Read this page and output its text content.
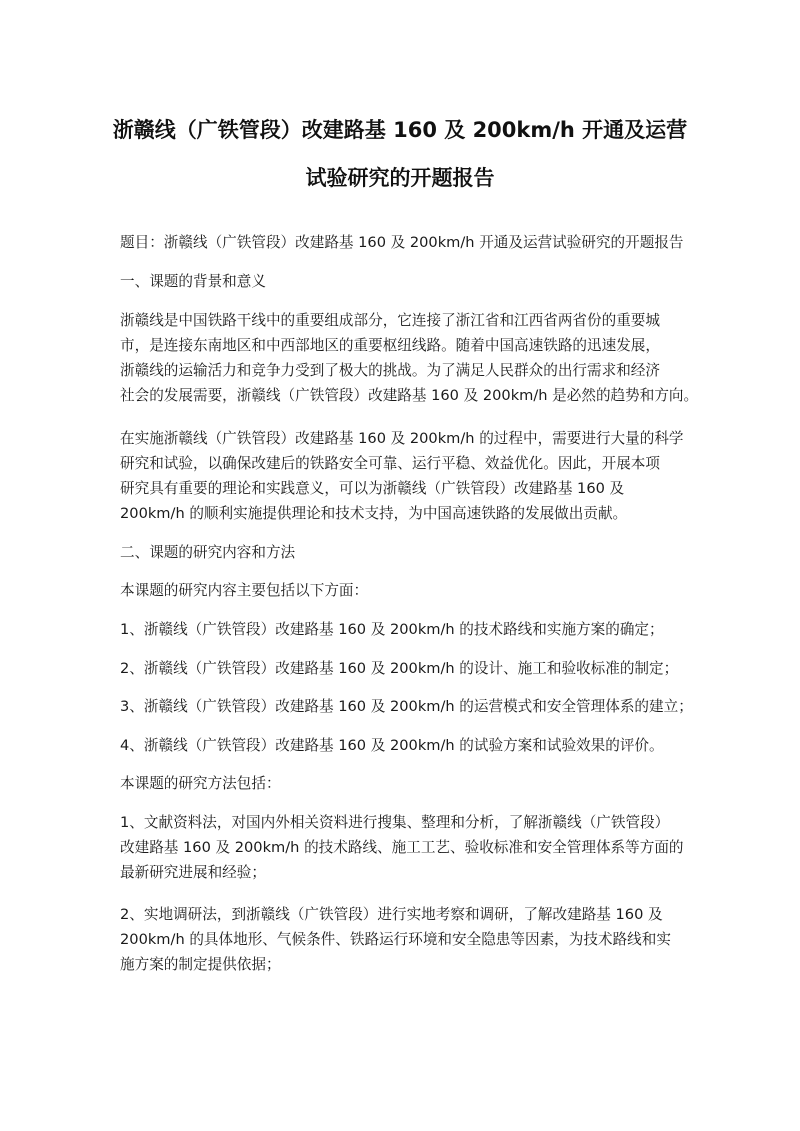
浙赣线（广铁管段）改建路基 160 及 200km/h 开通及运营
试验研究的开题报告
题目：浙赣线（广铁管段）改建路基 160 及 200km/h 开通及运营试验研究的开题报告
一、课题的背景和意义
浙赣线是中国铁路干线中的重要组成部分，它连接了浙江省和江西省两省份的重要城
市，是连接东南地区和中西部地区的重要枢纽线路。随着中国高速铁路的迅速发展，
浙赣线的运输活力和竞争力受到了极大的挑战。为了满足人民群众的出行需求和经济
社会的发展需要，浙赣线（广铁管段）改建路基 160 及 200km/h 是必然的趋势和方向。
在实施浙赣线（广铁管段）改建路基 160 及 200km/h 的过程中，需要进行大量的科学
研究和试验，以确保改建后的铁路安全可靠、运行平稳、效益优化。因此，开展本项
研究具有重要的理论和实践意义，可以为浙赣线（广铁管段）改建路基 160 及
200km/h 的顺利实施提供理论和技术支持，为中国高速铁路的发展做出贡献。
二、课题的研究内容和方法
本课题的研究内容主要包括以下方面：
1、浙赣线（广铁管段）改建路基 160 及 200km/h 的技术路线和实施方案的确定；
2、浙赣线（广铁管段）改建路基 160 及 200km/h 的设计、施工和验收标准的制定；
3、浙赣线（广铁管段）改建路基 160 及 200km/h 的运营模式和安全管理体系的建立；
4、浙赣线（广铁管段）改建路基 160 及 200km/h 的试验方案和试验效果的评价。
本课题的研究方法包括：
1、文献资料法，对国内外相关资料进行搜集、整理和分析，了解浙赣线（广铁管段）
改建路基 160 及 200km/h 的技术路线、施工工艺、验收标准和安全管理体系等方面的
最新研究进展和经验；
2、实地调研法，到浙赣线（广铁管段）进行实地考察和调研，了解改建路基 160 及
200km/h 的具体地形、气候条件、铁路运行环境和安全隐患等因素，为技术路线和实
施方案的制定提供依据；
